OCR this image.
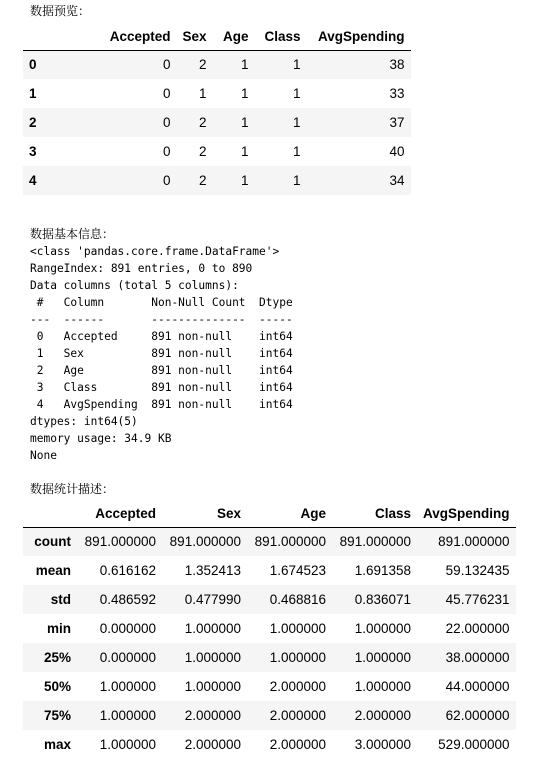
数据预览：
	Accepted	Sex	Age	Class	AvgSpending
0	0	2	1	1	38
1	0	1	1	1	33
2	0	2	1	1	37
3	0	2	1	1	40
4	0	2	1	1	34
数据基本信息：
<class 'pandas.core.frame.DataFrame'>
RangeIndex: 891 entries, 0 to 890
Data columns (total 5 columns):
#   Column       Non-Null Count  Dtype
---  ------       --------------  -----
0   Accepted     891 non-null    int64
1   Sex          891 non-null    int64
2   Age          891 non-null    int64
3   Class        891 non-null    int64
4   AvgSpending  891 non-null    int64
dtypes: int64(5)
memory usage: 34.9 KB
None
数据统计描述：
	Accepted	Sex	Age	Class	AvgSpending
count	891.000000	891.000000	891.000000	891.000000	891.000000
mean	0.616162	1.352413	1.674523	1.691358	59.132435
std	0.486592	0.477990	0.468816	0.836071	45.776231
min	0.000000	1.000000	1.000000	1.000000	22.000000
25%	0.000000	1.000000	1.000000	1.000000	38.000000
50%	1.000000	1.000000	2.000000	1.000000	44.000000
75%	1.000000	2.000000	2.000000	2.000000	62.000000
max	1.000000	2.000000	2.000000	3.000000	529.000000
